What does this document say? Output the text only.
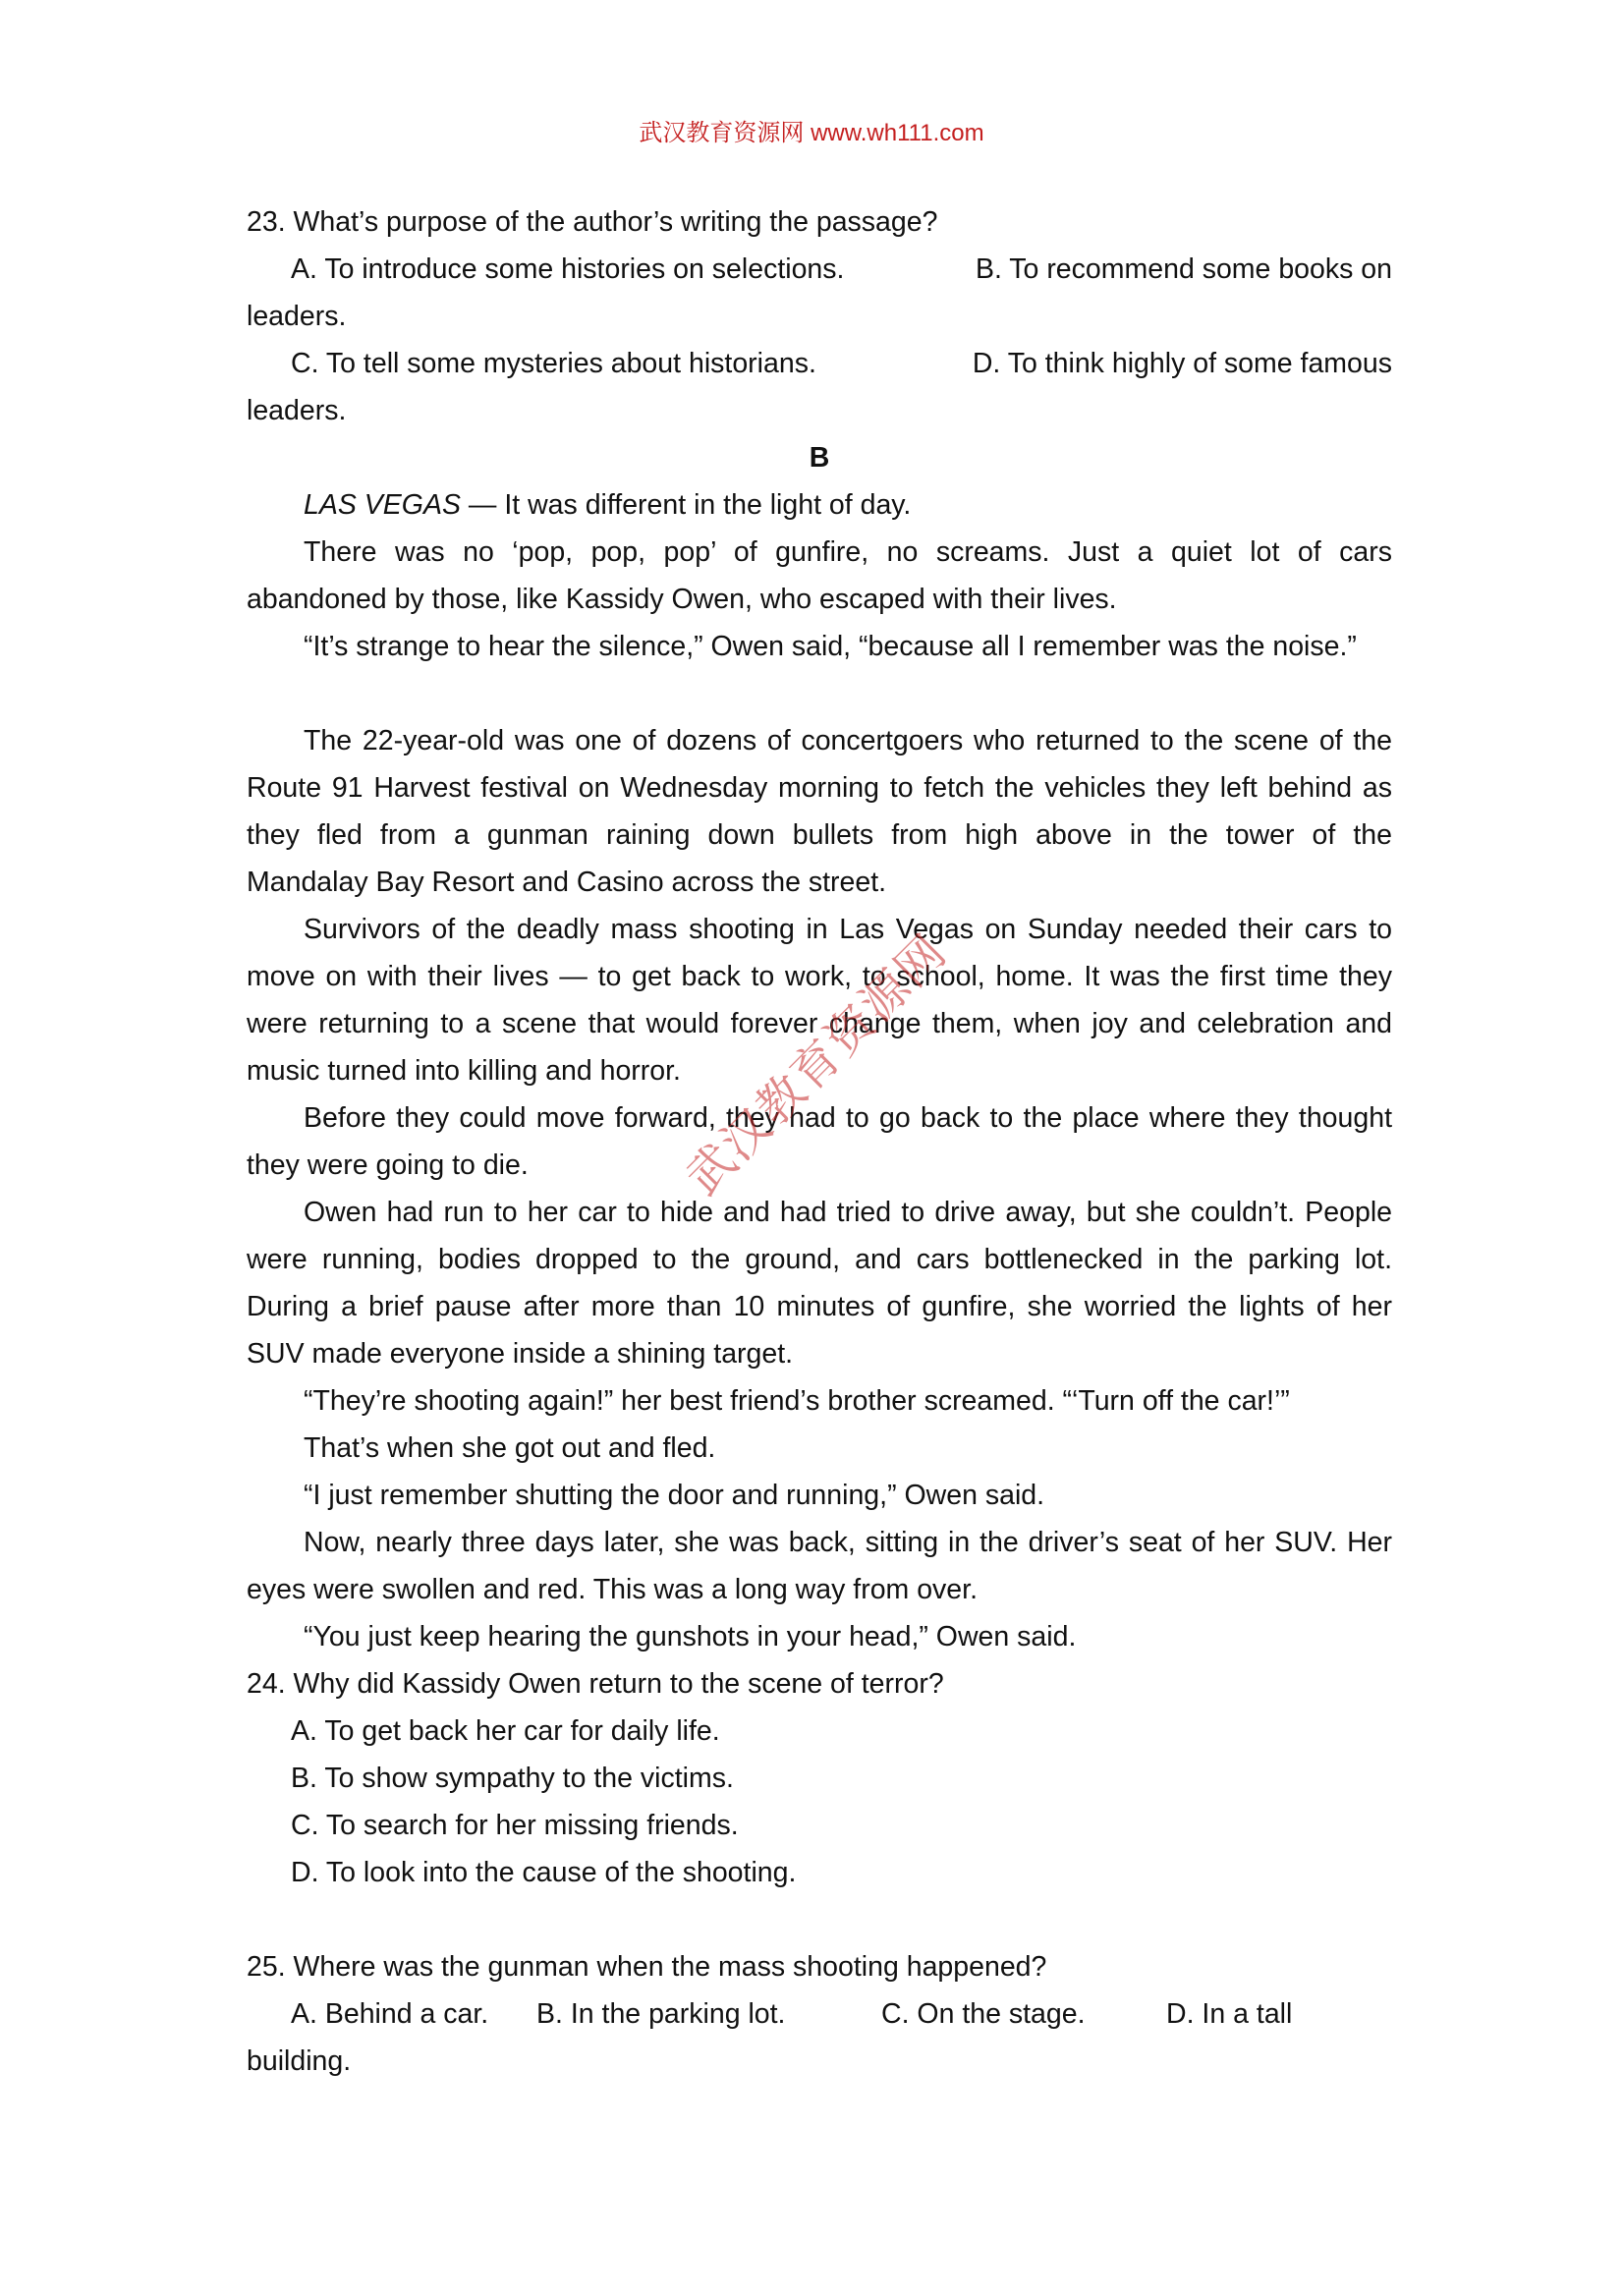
武汉教育资源网 www.wh111.com
23. What’s purpose of the author’s writing the passage?
A. To introduce some histories on selections.	B. To recommend some books on
leaders.
C. To tell some mysteries about historians.	D. To think highly of some famous
leaders.
B
LAS VEGAS — It was different in the light of day.
There was no ‘pop, pop, pop’ of gunfire, no screams. Just a quiet lot of cars
abandoned by those, like Kassidy Owen, who escaped with their lives.
“It’s strange to hear the silence,” Owen said, “because all I remember was the noise.”
The 22-year-old was one of dozens of concertgoers who returned to the scene of the
Route 91 Harvest festival on Wednesday morning to fetch the vehicles they left behind as
they fled from a gunman raining down bullets from high above in the tower of the
Mandalay Bay Resort and Casino across the street.
Survivors of the deadly mass shooting in Las Vegas on Sunday needed their cars to
move on with their lives — to get back to work, to school, home. It was the first time they
were returning to a scene that would forever change them, when joy and celebration and
music turned into killing and horror.
Before they could move forward, they had to go back to the place where they thought
they were going to die.
Owen had run to her car to hide and had tried to drive away, but she couldn’t. People
were running, bodies dropped to the ground, and cars bottlenecked in the parking lot.
During a brief pause after more than 10 minutes of gunfire, she worried the lights of her
SUV made everyone inside a shining target.
“They’re shooting again!” her best friend’s brother screamed. “‘Turn off the car!’”
That’s when she got out and fled.
“I just remember shutting the door and running,” Owen said.
Now, nearly three days later, she was back, sitting in the driver’s seat of her SUV. Her
eyes were swollen and red. This was a long way from over.
“You just keep hearing the gunshots in your head,” Owen said.
24. Why did Kassidy Owen return to the scene of terror?
A. To get back her car for daily life.
B. To show sympathy to the victims.
C. To search for her missing friends.
D. To look into the cause of the shooting.
25. Where was the gunman when the mass shooting happened?
A. Behind a car.	B. In the parking lot.	C. On the stage.	D. In a tall
building.
武汉教育资源网
